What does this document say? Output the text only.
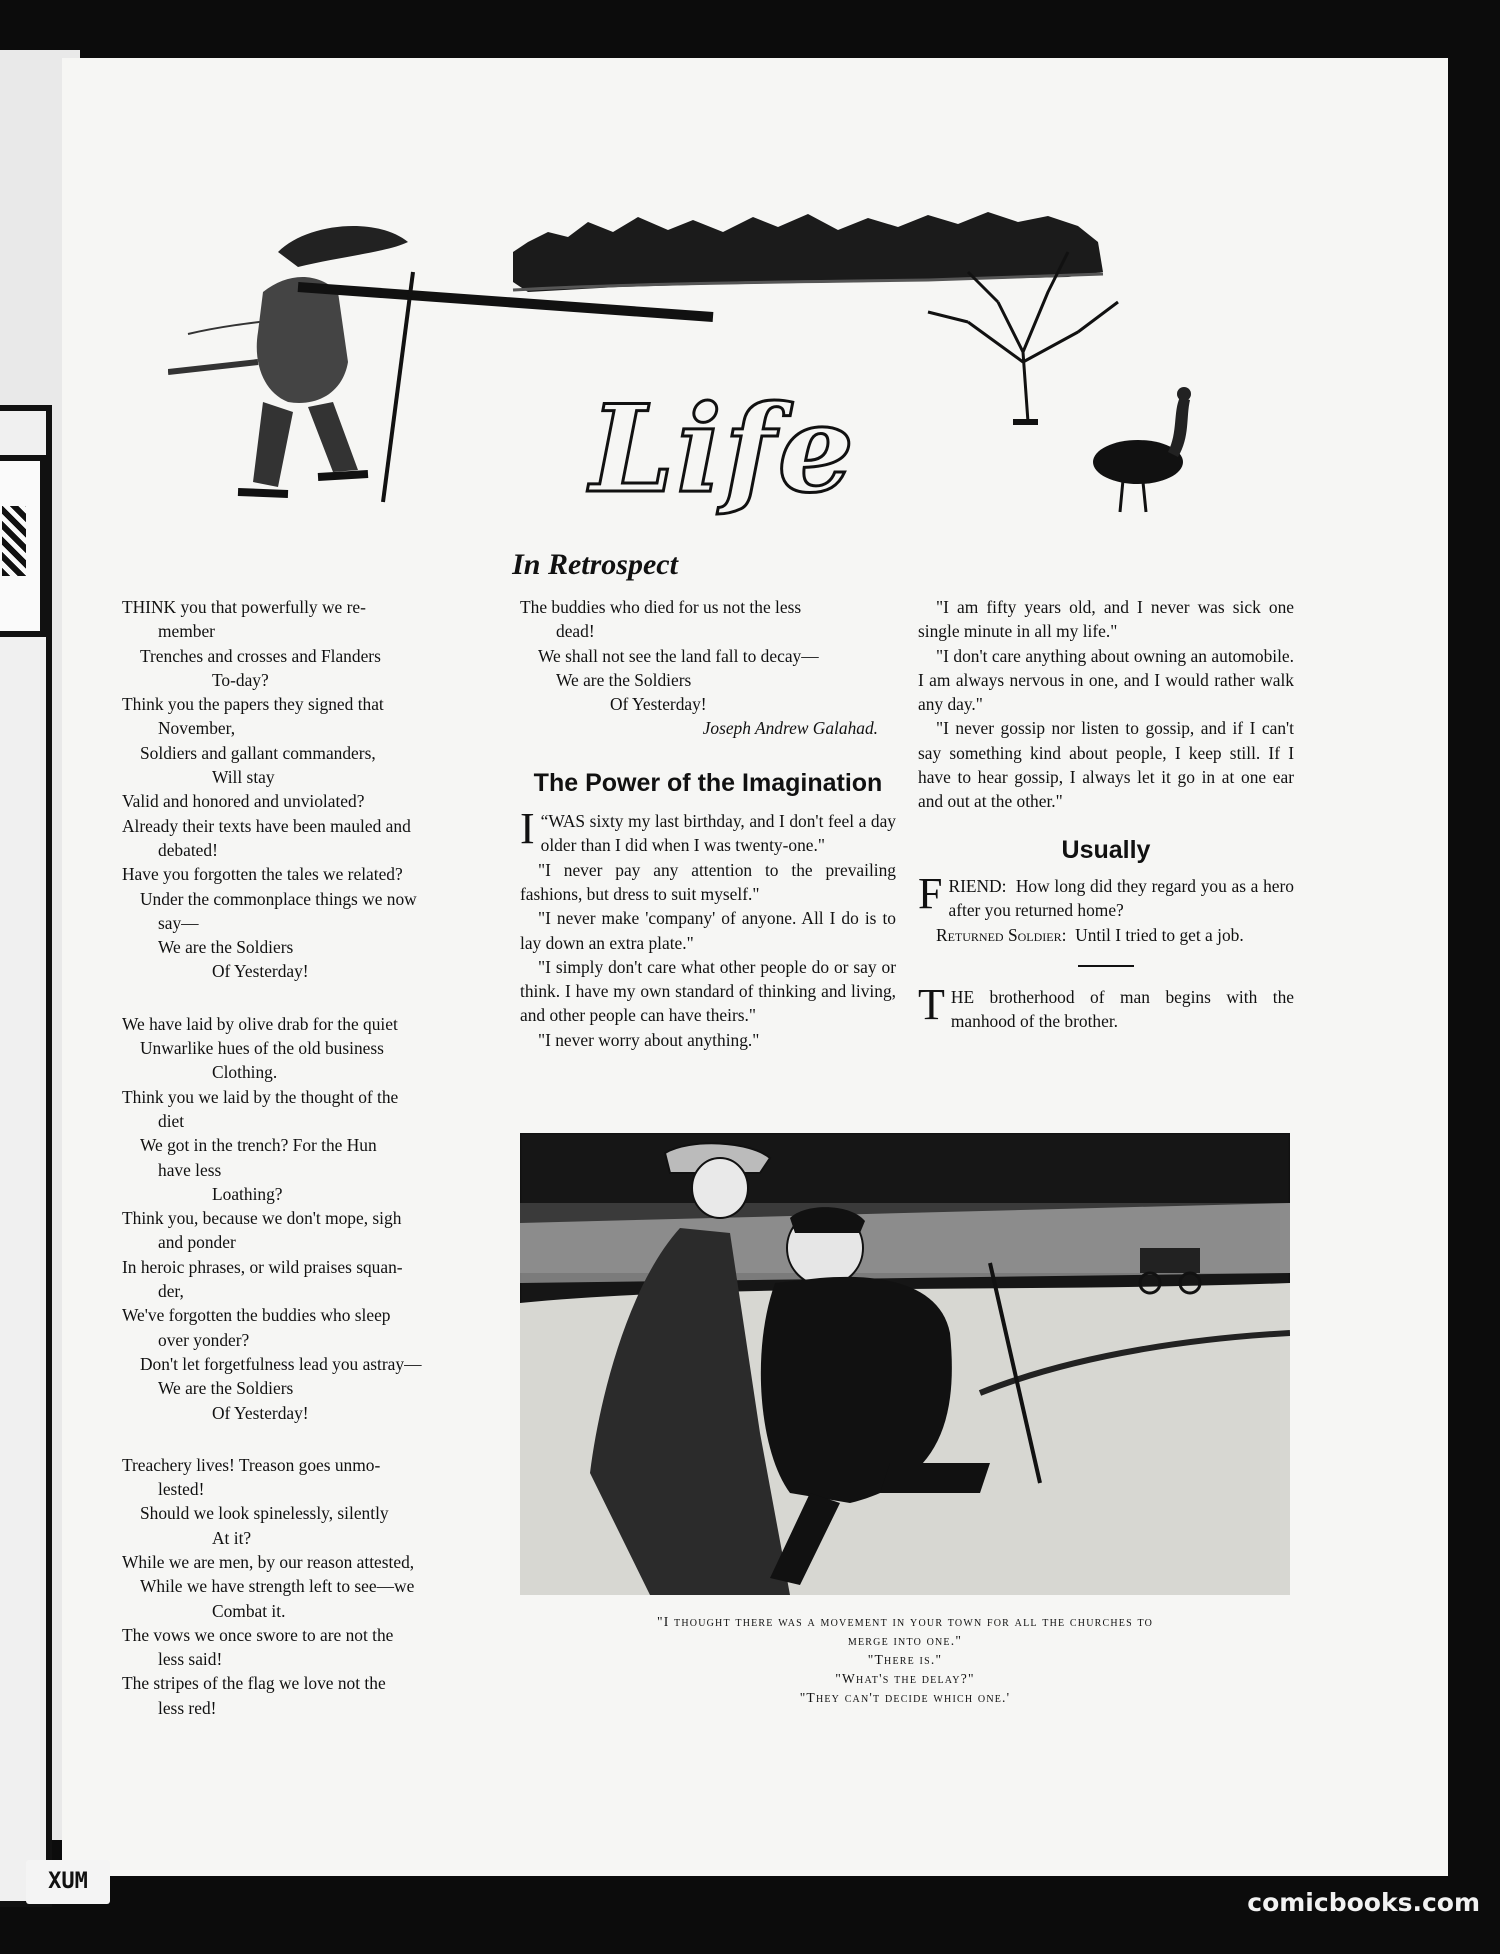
Life
In Retrospect
THINK you that powerfully we re-
member
Trenches and crosses and Flanders
To-day?
Think you the papers they signed that
November,
Soldiers and gallant commanders,
Will stay
Valid and honored and unviolated?
Already their texts have been mauled and
debated!
Have you forgotten the tales we related?
Under the commonplace things we now
say—
We are the Soldiers
Of Yesterday!
We have laid by olive drab for the quiet
Unwarlike hues of the old business
Clothing.
Think you we laid by the thought of the
diet
We got in the trench? For the Hun
have less
Loathing?
Think you, because we don't mope, sigh
and ponder
In heroic phrases, or wild praises squan-
der,
We've forgotten the buddies who sleep
over yonder?
Don't let forgetfulness lead you astray—
We are the Soldiers
Of Yesterday!
Treachery lives! Treason goes unmo-
lested!
Should we look spinelessly, silently
At it?
While we are men, by our reason attested,
While we have strength left to see—we
Combat it.
The vows we once swore to are not the
less said!
The stripes of the flag we love not the
less red!
The buddies who died for us not the less
dead!
We shall not see the land fall to decay—
We are the Soldiers
Of Yesterday!
Joseph Andrew Galahad.
The Power of the Imagination

“
I WAS sixty my last birthday, and I don't feel a day older than I did when I was twenty-one."

"I never pay any attention to the prevailing fashions, but dress to suit myself."

"I never make 'company' of anyone. All I do is to lay down an extra plate."

"I simply don't care what other people do or say or think. I have my own standard of thinking and living, and other people can have theirs."

"I never worry about anything."

"I am fifty years old, and I never was sick one single minute in all my life."

"I don't care anything about owning an automobile. I am always nervous in one, and I would rather walk any day."

"I never gossip nor listen to gossip, and if I can't say something kind about people, I keep still. If I have to hear gossip, I always let it go in at one ear and out at the other."

Usually

FRIEND: How long did they regard you as a hero after you returned home?

Returned Soldier: Until I tried to get a job.

THE brotherhood of man begins with the manhood of the brother.

"I thought there was a movement in your town for all the churches to
merge into one."
"There is."
"What's the delay?"
"They can't decide which one.'
XUM
comicbooks.com
